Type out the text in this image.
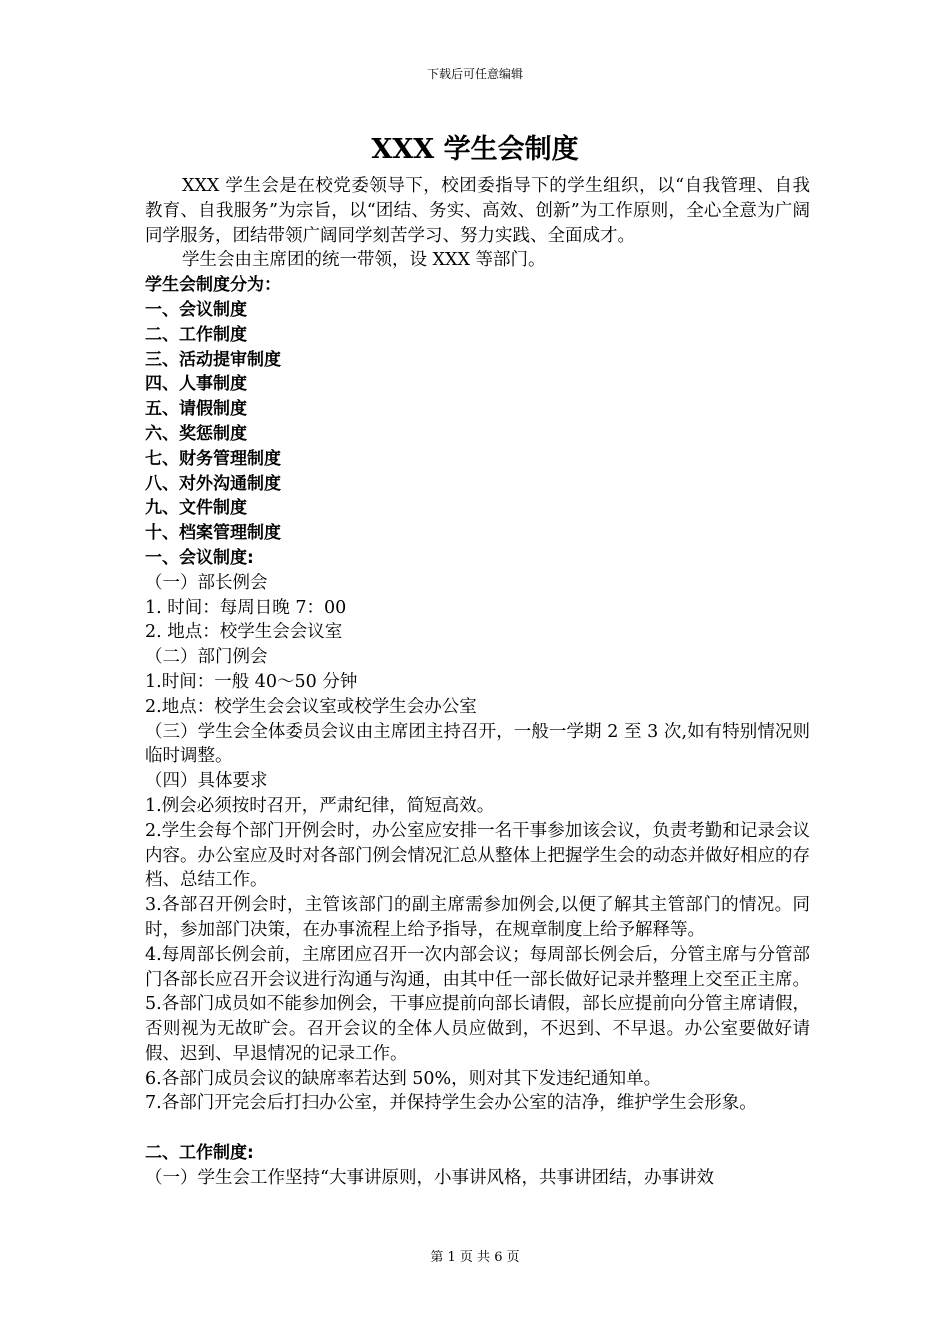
下载后可任意编辑
XXX 学生会制度

XXX 学生会是在校党委领导下，校团委指导下的学生组织，以“自我管理、自我教育、自我服务”为宗旨，以“团结、务实、高效、创新”为工作原则，全心全意为广阔同学服务，团结带领广阔同学刻苦学习、努力实践、全面成才。

学生会由主席团的统一带领，设 XXX 等部门。

学生会制度分为：

一、会议制度

二、工作制度

三、活动提审制度

四、人事制度

五、请假制度

六、奖惩制度

七、财务管理制度

八、对外沟通制度

九、文件制度

十、档案管理制度

一、会议制度:

（一）部长例会

1. 时间：每周日晚 7：00

2. 地点：校学生会会议室

（二）部门例会

1.时间：一般 40～50 分钟

2.地点：校学生会会议室或校学生会办公室

（三）学生会全体委员会议由主席团主持召开，一般一学期 2 至 3 次,如有特别情况则临时调整。

（四）具体要求

1.例会必须按时召开，严肃纪律，简短高效。

2.学生会每个部门开例会时，办公室应安排一名干事参加该会议，负责考勤和记录会议内容。办公室应及时对各部门例会情况汇总从整体上把握学生会的动态并做好相应的存档、总结工作。

3.各部召开例会时，主管该部门的副主席需参加例会,以便了解其主管部门的情况。同时，参加部门决策，在办事流程上给予指导，在规章制度上给予解释等。

4.每周部长例会前，主席团应召开一次内部会议；每周部长例会后，分管主席与分管部门各部长应召开会议进行沟通与沟通，由其中任一部长做好记录并整理上交至正主席。

5.各部门成员如不能参加例会，干事应提前向部长请假，部长应提前向分管主席请假，否则视为无故旷会。召开会议的全体人员应做到，不迟到、不早退。办公室要做好请假、迟到、早退情况的记录工作。

6.各部门成员会议的缺席率若达到 50%，则对其下发违纪通知单。

7.各部门开完会后打扫办公室，并保持学生会办公室的洁净，维护学生会形象。

二、工作制度:

（一）学生会工作坚持“大事讲原则，小事讲风格，共事讲团结，办事讲效

第 1 页 共 6 页
